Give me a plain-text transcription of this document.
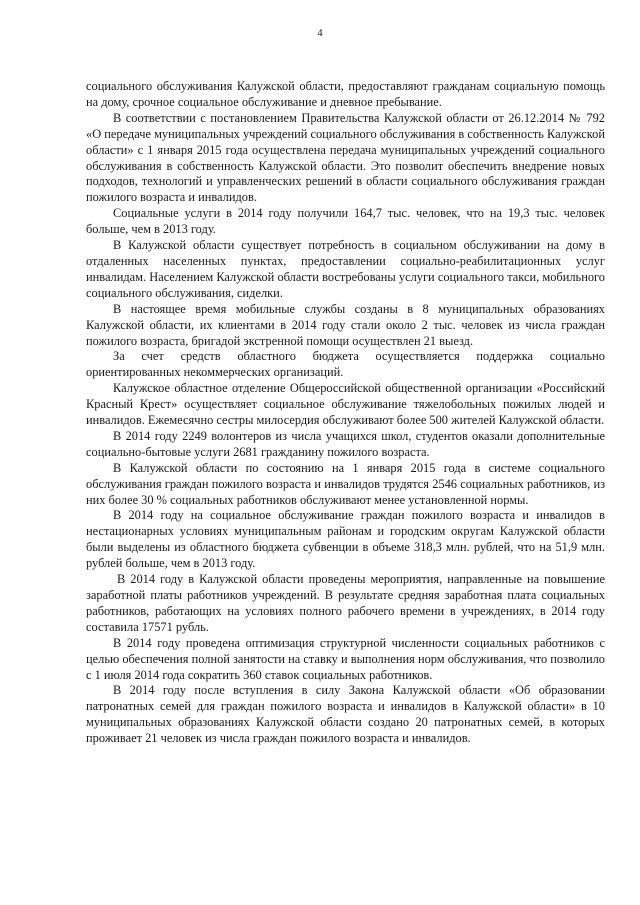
4

социального обслуживания Калужской области, предоставляют гражданам социальную помощь на дому, срочное социальное обслуживание и дневное пребывание.

В соответствии с постановлением Правительства Калужской области от 26.12.2014 № 792 «О передаче муниципальных учреждений социального обслуживания в собственность Калужской области» с 1 января 2015 года осуществлена передача муниципальных учреждений социального обслуживания в собственность Калужской области. Это позволит обеспечить внедрение новых подходов, технологий и управленческих решений в области социального обслуживания граждан пожилого возраста и инвалидов.

Социальные услуги в 2014 году получили 164,7 тыс. человек, что на 19,3 тыс. человек больше, чем в 2013 году.

В Калужской области существует потребность в социальном обслуживании на дому в отдаленных населенных пунктах, предоставлении социально-реабилитационных услуг инвалидам. Населением Калужской области востребованы услуги социального такси, мобильного социального обслуживания, сиделки.

В настоящее время мобильные службы созданы в 8 муниципальных образованиях Калужской области, их клиентами в 2014 году стали около 2 тыс. человек из числа граждан пожилого возраста, бригадой экстренной помощи осуществлен 21 выезд.

За счет средств областного бюджета осуществляется поддержка социально ориентированных некоммерческих организаций.

Калужское областное отделение Общероссийской общественной организации «Российский Красный Крест» осуществляет социальное обслуживание тяжелобольных пожилых людей и инвалидов. Ежемесячно сестры милосердия обслуживают более 500 жителей Калужской области.

В 2014 году 2249 волонтеров из числа учащихся школ, студентов оказали дополнительные социально-бытовые услуги 2681 гражданину пожилого возраста.

В Калужской области по состоянию на 1 января 2015 года в системе социального обслуживания граждан пожилого возраста и инвалидов трудятся 2546 социальных работников, из них более 30 % социальных работников обслуживают менее установленной нормы.

В 2014 году на социальное обслуживание граждан пожилого возраста и инвалидов в нестационарных условиях муниципальным районам и городским округам Калужской области были выделены из областного бюджета субвенции в объеме 318,3 млн. рублей, что на 51,9 млн. рублей больше, чем в 2013 году.

В 2014 году в Калужской области проведены мероприятия, направленные на повышение заработной платы работников учреждений. В результате средняя заработная плата социальных работников, работающих на условиях полного рабочего времени в учреждениях, в 2014 году составила 17571 рубль.

В 2014 году проведена оптимизация структурной численности социальных работников с целью обеспечения полной занятости на ставку и выполнения норм обслуживания, что позволило с 1 июля 2014 года сократить 360 ставок социальных работников.

В 2014 году после вступления в силу Закона Калужской области «Об образовании патронатных семей для граждан пожилого возраста и инвалидов в Калужской области» в 10 муниципальных образованиях Калужской области создано 20 патронатных семей, в которых проживает 21 человек из числа граждан пожилого возраста и инвалидов.
